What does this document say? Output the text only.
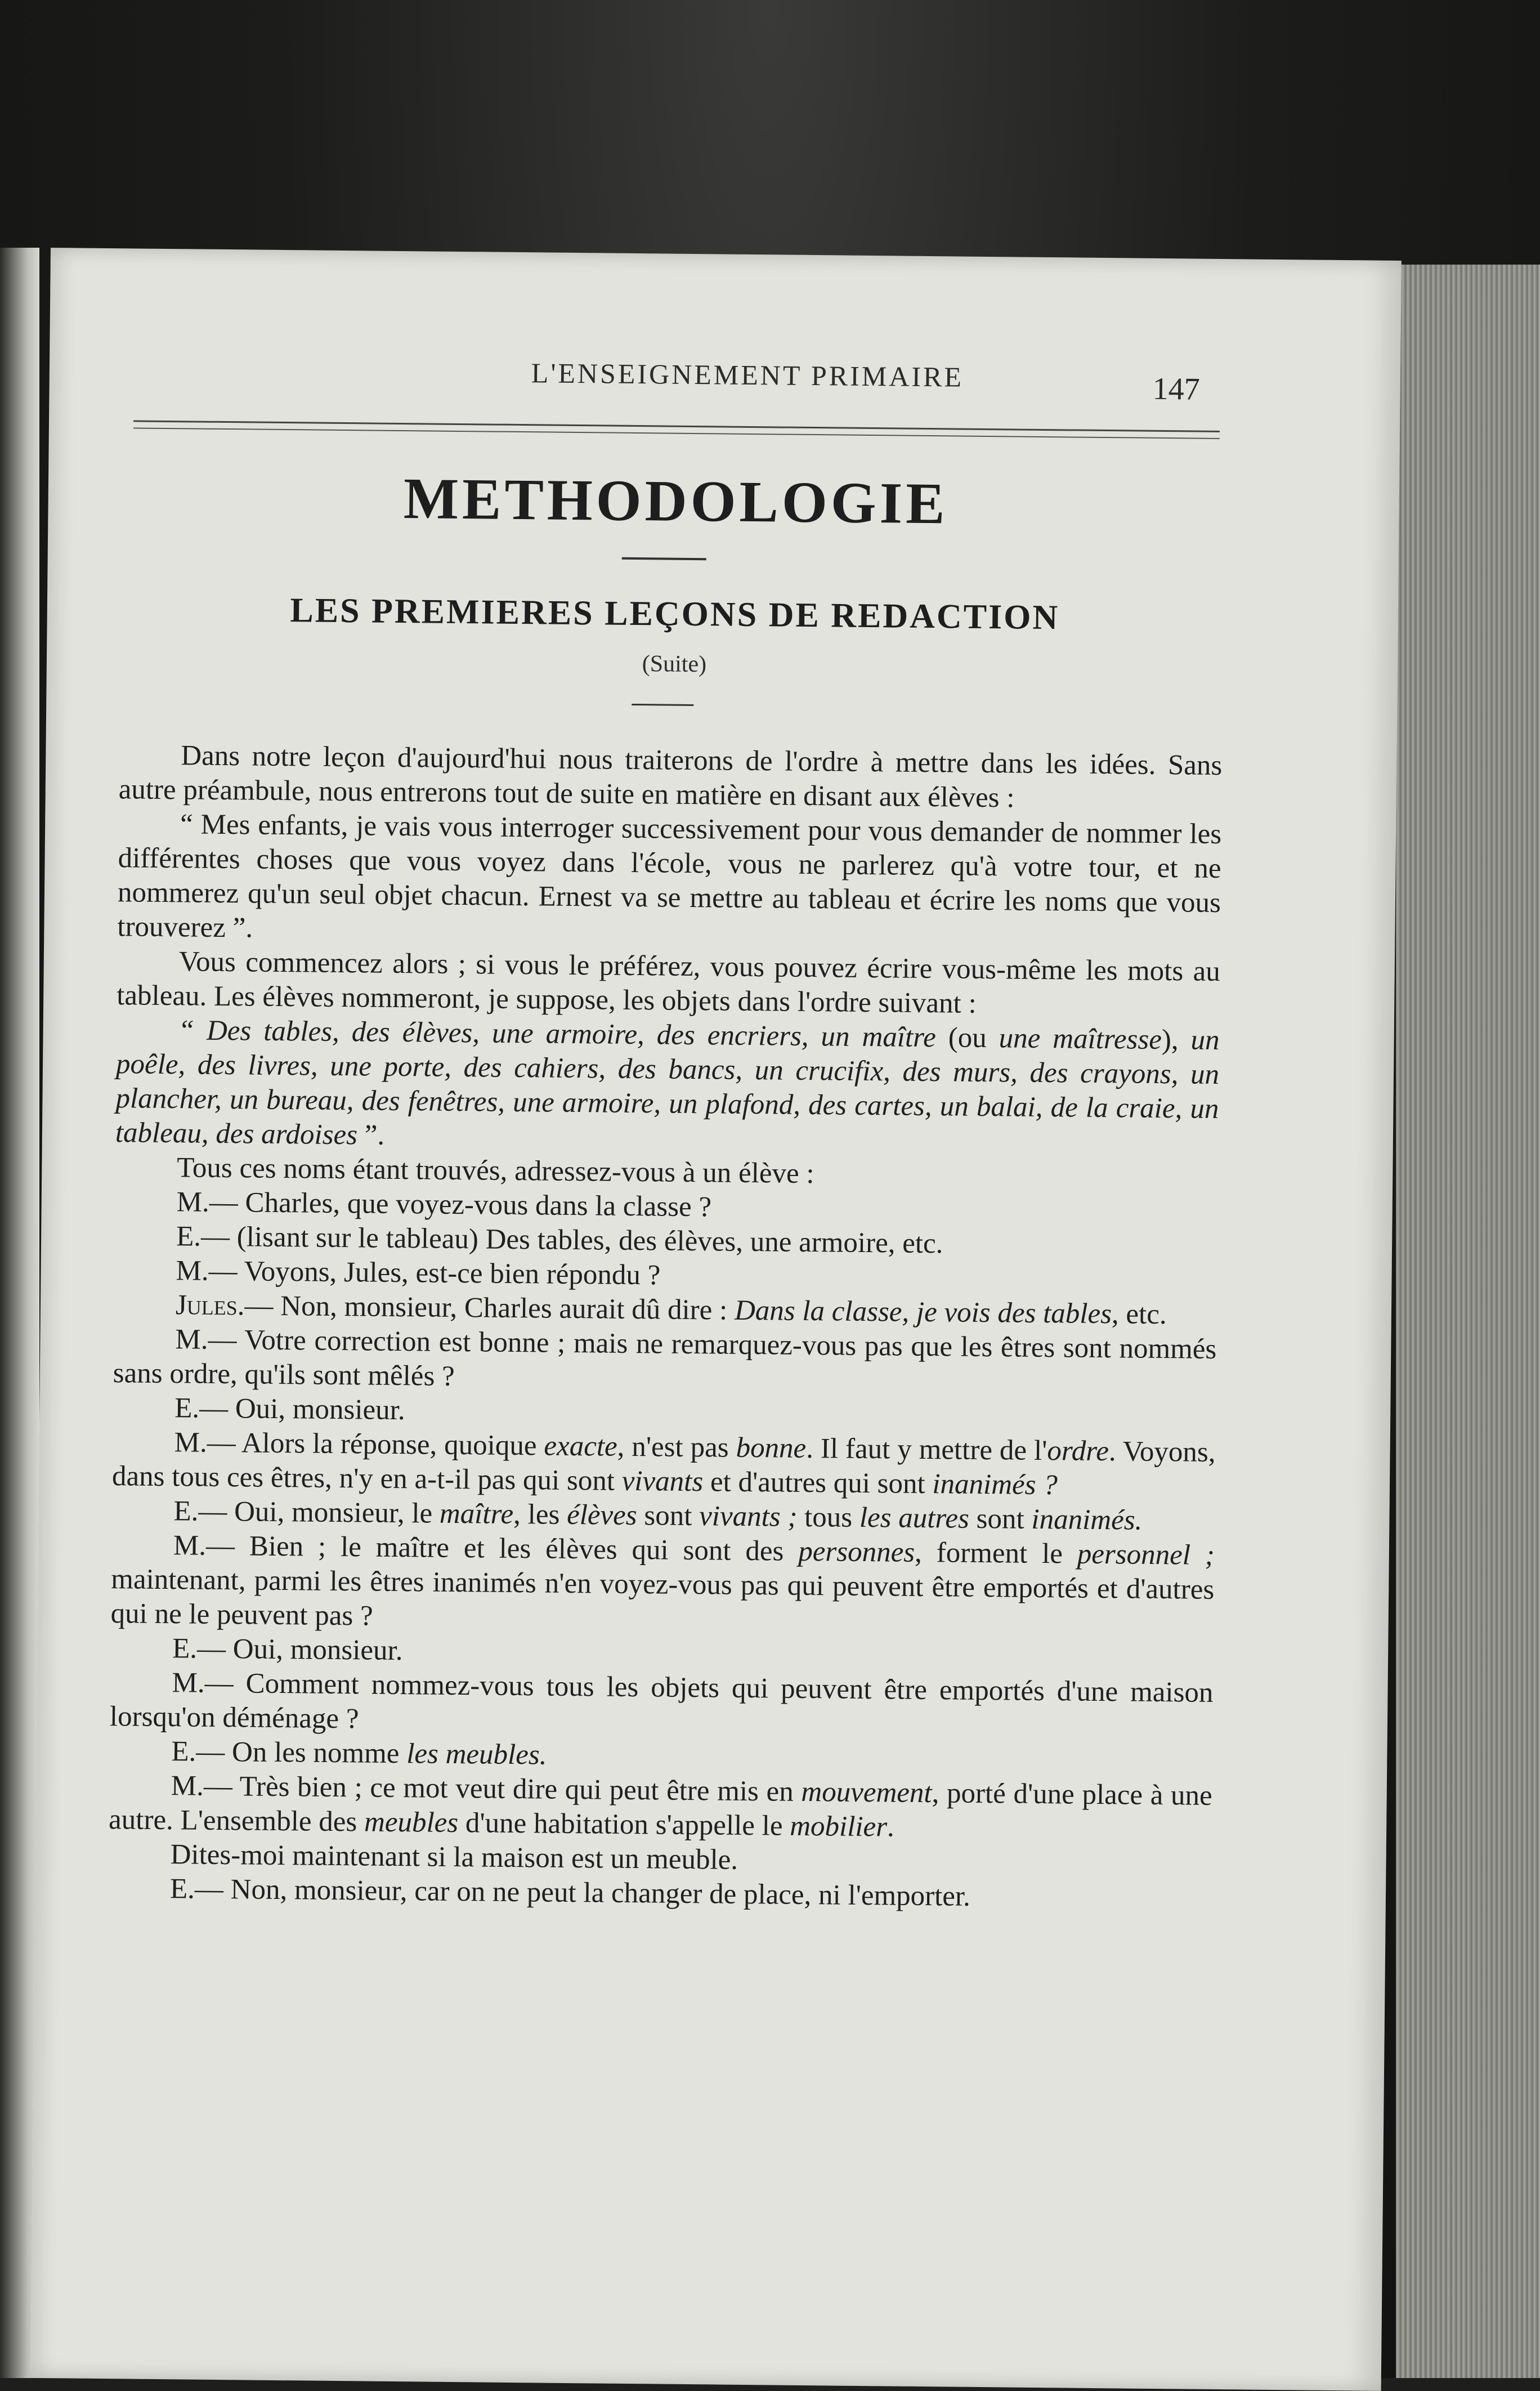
L'ENSEIGNEMENT PRIMAIRE	147
METHODOLOGIE
LES PREMIERES LEÇONS DE REDACTION
(Suite)

Dans notre leçon d'aujourd'hui nous traiterons de l'ordre à mettre dans les idées. Sans autre préambule, nous entrerons tout de suite en matière en disant aux élèves :

“ Mes enfants, je vais vous interroger successivement pour vous demander de nommer les différentes choses que vous voyez dans l'école, vous ne parlerez qu'à votre tour, et ne nommerez qu'un seul objet chacun. Ernest va se mettre au tableau et écrire les noms que vous trouverez ”.

Vous commencez alors ; si vous le préférez, vous pouvez écrire vous-même les mots au tableau. Les élèves nommeront, je suppose, les objets dans l'ordre suivant :

“ Des tables, des élèves, une armoire, des encriers, un maître (ou une maîtresse), un poêle, des livres, une porte, des cahiers, des bancs, un crucifix, des murs, des crayons, un plancher, un bureau, des fenêtres, une armoire, un plafond, des cartes, un balai, de la craie, un tableau, des ardoises ”.

Tous ces noms étant trouvés, adressez-vous à un élève :

M.— Charles, que voyez-vous dans la classe ?

E.— (lisant sur le tableau) Des tables, des élèves, une armoire, etc.

M.— Voyons, Jules, est-ce bien répondu ?

Jules.— Non, monsieur, Charles aurait dû dire : Dans la classe, je vois des tables, etc.

M.— Votre correction est bonne ; mais ne remarquez-vous pas que les êtres sont nommés sans ordre, qu'ils sont mêlés ?

E.— Oui, monsieur.

M.— Alors la réponse, quoique exacte, n'est pas bonne. Il faut y mettre de l'ordre. Voyons, dans tous ces êtres, n'y en a-t-il pas qui sont vivants et d'autres qui sont inanimés ?

E.— Oui, monsieur, le maître, les élèves sont vivants ; tous les autres sont inanimés.

M.— Bien ; le maître et les élèves qui sont des personnes, forment le personnel ; maintenant, parmi les êtres inanimés n'en voyez-vous pas qui peuvent être emportés et d'autres qui ne le peuvent pas ?

E.— Oui, monsieur.

M.— Comment nommez-vous tous les objets qui peuvent être emportés d'une maison lorsqu'on déménage ?

E.— On les nomme les meubles.

M.— Très bien ; ce mot veut dire qui peut être mis en mouvement, porté d'une place à une autre. L'ensemble des meubles d'une habitation s'appelle le mobilier.

Dites-moi maintenant si la maison est un meuble.

E.— Non, monsieur, car on ne peut la changer de place, ni l'emporter.
